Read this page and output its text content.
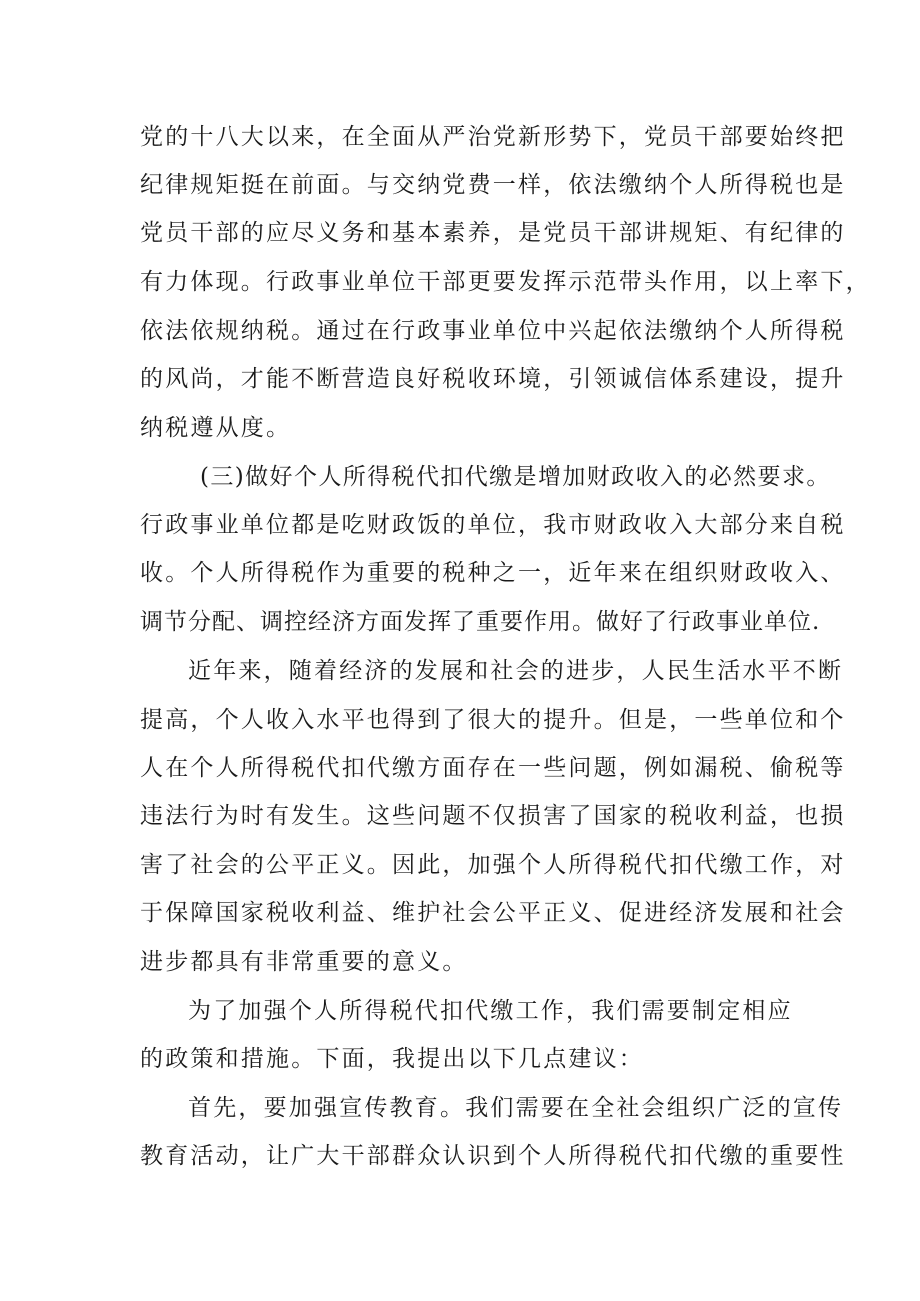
党的十八大以来，在全面从严治党新形势下，党员干部要始终把
纪律规矩挺在前面。与交纳党费一样，依法缴纳个人所得税也是
党员干部的应尽义务和基本素养，是党员干部讲规矩、有纪律的
有力体现。行政事业单位干部更要发挥示范带头作用，以上率下，
依法依规纳税。通过在行政事业单位中兴起依法缴纳个人所得税
的风尚，才能不断营造良好税收环境，引领诚信体系建设，提升
纳税遵从度。
(三)做好个人所得税代扣代缴是增加财政收入的必然要求。
行政事业单位都是吃财政饭的单位，我市财政收入大部分来自税
收。个人所得税作为重要的税种之一，近年来在组织财政收入、
调节分配、调控经济方面发挥了重要作用。做好了行政事业单位.
近年来，随着经济的发展和社会的进步，人民生活水平不断
提高，个人收入水平也得到了很大的提升。但是，一些单位和个
人在个人所得税代扣代缴方面存在一些问题，例如漏税、偷税等
违法行为时有发生。这些问题不仅损害了国家的税收利益，也损
害了社会的公平正义。因此，加强个人所得税代扣代缴工作，对
于保障国家税收利益、维护社会公平正义、促进经济发展和社会
进步都具有非常重要的意义。
为了加强个人所得税代扣代缴工作，我们需要制定相应
的政策和措施。下面，我提出以下几点建议：
首先，要加强宣传教育。我们需要在全社会组织广泛的宣传
教育活动，让广大干部群众认识到个人所得税代扣代缴的重要性
